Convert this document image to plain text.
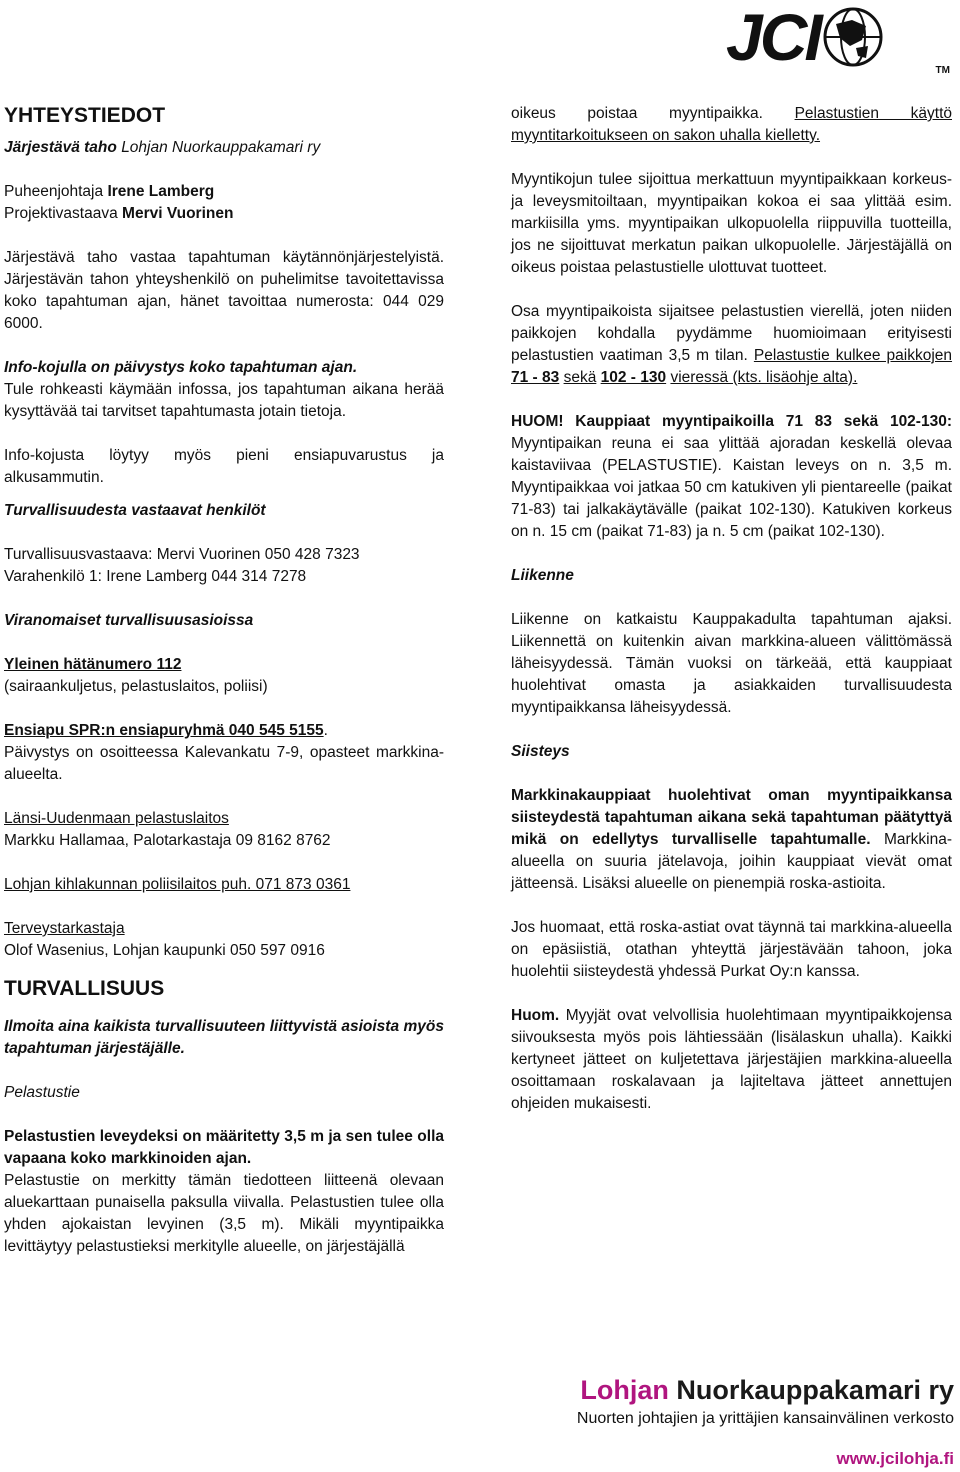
JCI	TM
YHTEYSTIEDOT

Järjestävä taho Lohjan Nuorkauppakamari ry

Puheenjohtaja Irene Lamberg

Projektivastaava Mervi Vuorinen

Järjestävä taho vastaa tapahtuman käytännönjärjestelyistä. Järjestävän tahon yhteyshenkilö on puhelimitse tavoitettavissa koko tapahtuman ajan, hänet tavoittaa numerosta: 044 029 6000.

Info-kojulla on päivystys koko tapahtuman ajan.

Tule rohkeasti käymään infossa, jos tapahtuman aikana herää kysyttävää tai tarvitset tapahtumasta jotain tietoja.

Info-kojusta löytyy myös pieni ensiapuvarustus ja alkusammutin.

Turvallisuudesta vastaavat henkilöt

Turvallisuusvastaava: Mervi Vuorinen 050 428 7323

Varahenkilö 1: Irene Lamberg 044 314 7278

Viranomaiset turvallisuusasioissa

Yleinen hätänumero 112

(sairaankuljetus, pelastuslaitos, poliisi)

Ensiapu SPR:n ensiapuryhmä 040 545 5155.

Päivystys on osoitteessa Kalevankatu 7-9, opasteet markkina-alueelta.

Länsi-Uudenmaan pelastuslaitos

Markku Hallamaa, Palotarkastaja 09 8162 8762

Lohjan kihlakunnan poliisilaitos puh. 071 873 0361

Terveystarkastaja

Olof Wasenius, Lohjan kaupunki 050 597 0916

TURVALLISUUS

Ilmoita aina kaikista turvallisuuteen liittyvistä asioista myös tapahtuman järjestäjälle.

Pelastustie

Pelastustien leveydeksi on määritetty 3,5 m ja sen tulee olla vapaana koko markkinoiden ajan.

Pelastustie on merkitty tämän tiedotteen liitteenä olevaan aluekarttaan punaisella paksulla viivalla. Pelastustien tulee olla yhden ajokaistan levyinen (3,5 m). Mikäli myyntipaikka levittäytyy pelastustieksi merkitylle alueelle, on järjestäjällä

oikeus poistaa myyntipaikka. Pelastustien käyttö myyntitarkoitukseen on sakon uhalla kielletty.

Myyntikojun tulee sijoittua merkattuun myyntipaikkaan korkeus- ja leveysmitoiltaan, myyntipaikan kokoa ei saa ylittää esim. markiisilla yms. myyntipaikan ulkopuolella riippuvilla tuotteilla, jos ne sijoittuvat merkatun paikan ulkopuolelle. Järjestäjällä on oikeus poistaa pelastustielle ulottuvat tuotteet.

Osa myyntipaikoista sijaitsee pelastustien vierellä, joten niiden paikkojen kohdalla pyydämme huomioimaan erityisesti pelastustien vaatiman 3,5 m tilan. Pelastustie kulkee paikkojen 71 - 83 sekä 102 - 130 vieressä (kts. lisäohje alta).

HUOM! Kauppiaat myyntipaikoilla 71 83 sekä 102-130: Myyntipaikan reuna ei saa ylittää ajoradan keskellä olevaa kaistaviivaa (PELASTUSTIE). Kaistan leveys on n. 3,5 m. Myyntipaikkaa voi jatkaa 50 cm katukiven yli pientareelle (paikat 71-83) tai jalkakäytävälle (paikat 102-130). Katukiven korkeus on n. 15 cm (paikat 71-83) ja n. 5 cm (paikat 102-130).

Liikenne

Liikenne on katkaistu Kauppakadulta tapahtuman ajaksi. Liikennettä on kuitenkin aivan markkina-alueen välittömässä läheisyydessä. Tämän vuoksi on tärkeää, että kauppiaat huolehtivat omasta ja asiakkaiden turvallisuudesta myyntipaikkansa läheisyydessä.

Siisteys

Markkinakauppiaat huolehtivat oman myyntipaikkansa siisteydestä tapahtuman aikana sekä tapahtuman päätyttyä mikä on edellytys turvalliselle tapahtumalle. Markkina-alueella on suuria jätelavoja, joihin kauppiaat vievät omat jätteensä. Lisäksi alueelle on pienempiä roska-astioita.

Jos huomaat, että roska-astiat ovat täynnä tai markkina-alueella on epäsiistiä, otathan yhteyttä järjestävään tahoon, joka huolehtii siisteydestä yhdessä Purkat Oy:n kanssa.

Huom. Myyjät ovat velvollisia huolehtimaan myyntipaikkojensa siivouksesta myös pois lähtiessään (lisälaskun uhalla). Kaikki kertyneet jätteet on kuljetettava järjestäjien markkina-alueella osoittamaan roskalavaan ja lajiteltava jätteet annettujen ohjeiden mukaisesti.

Lohjan Nuorkauppakamari ry
Nuorten johtajien ja yrittäjien kansainvälinen verkosto
www.jcilohja.fi
